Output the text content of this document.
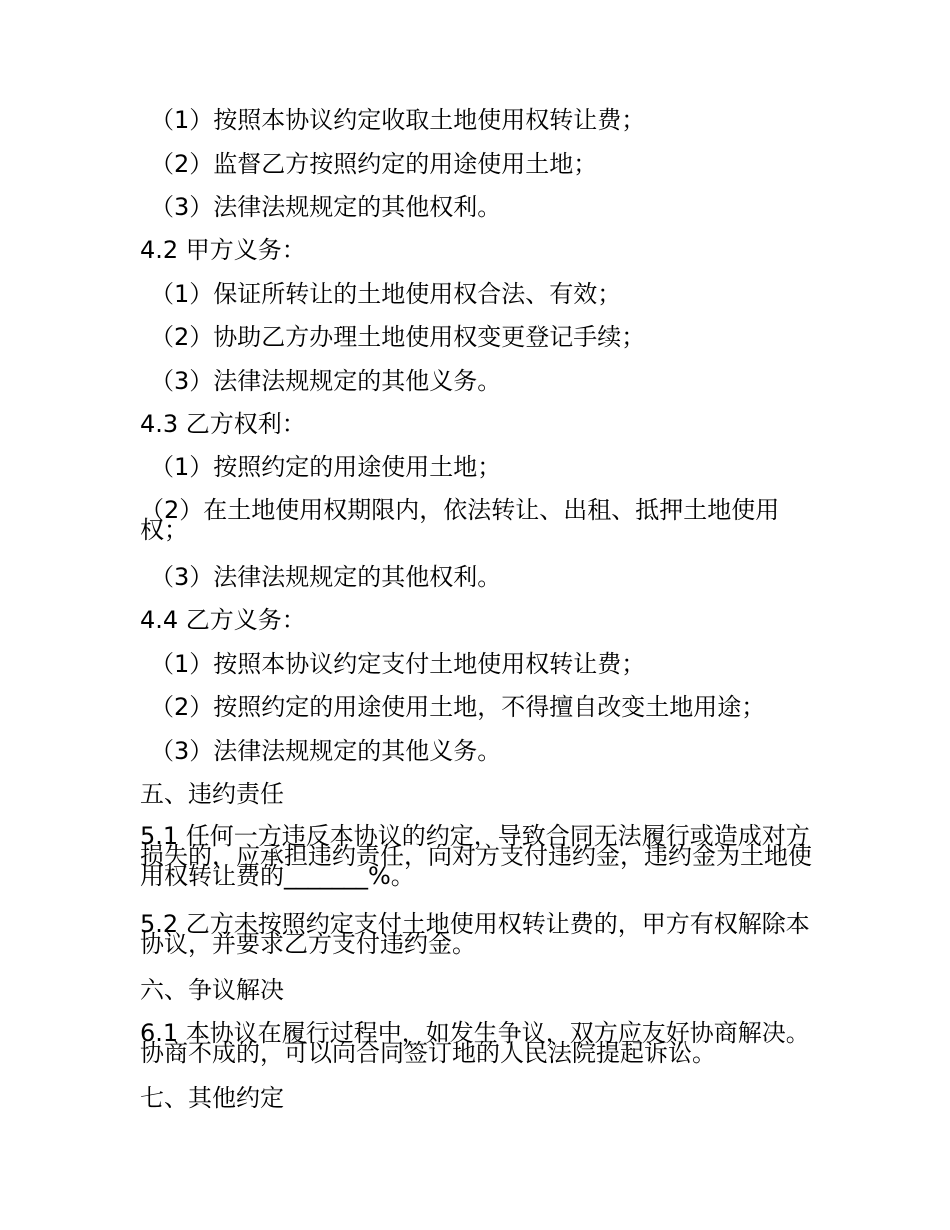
（1）按照本协议约定收取土地使用权转让费；
（2）监督乙方按照约定的用途使用土地；
（3）法律法规规定的其他权利。
4.2 甲方义务：
（1）保证所转让的土地使用权合法、有效；
（2）协助乙方办理土地使用权变更登记手续；
（3）法律法规规定的其他义务。
4.3 乙方权利：
（1）按照约定的用途使用土地；
（2）在土地使用权期限内，依法转让、出租、抵押土地使用权；
（3）法律法规规定的其他权利。
4.4 乙方义务：
（1）按照本协议约定支付土地使用权转让费；
（2）按照约定的用途使用土地，不得擅自改变土地用途；
（3）法律法规规定的其他义务。
五、违约责任
5.1 任何一方违反本协议的约定，导致合同无法履行或造成对方损失的，应承担违约责任，向对方支付违约金，违约金为土地使用权转让费的_______%。
5.2 乙方未按照约定支付土地使用权转让费的，甲方有权解除本协议，并要求乙方支付违约金。
六、争议解决
6.1 本协议在履行过程中，如发生争议，双方应友好协商解决。协商不成的，可以向合同签订地的人民法院提起诉讼。
七、其他约定
